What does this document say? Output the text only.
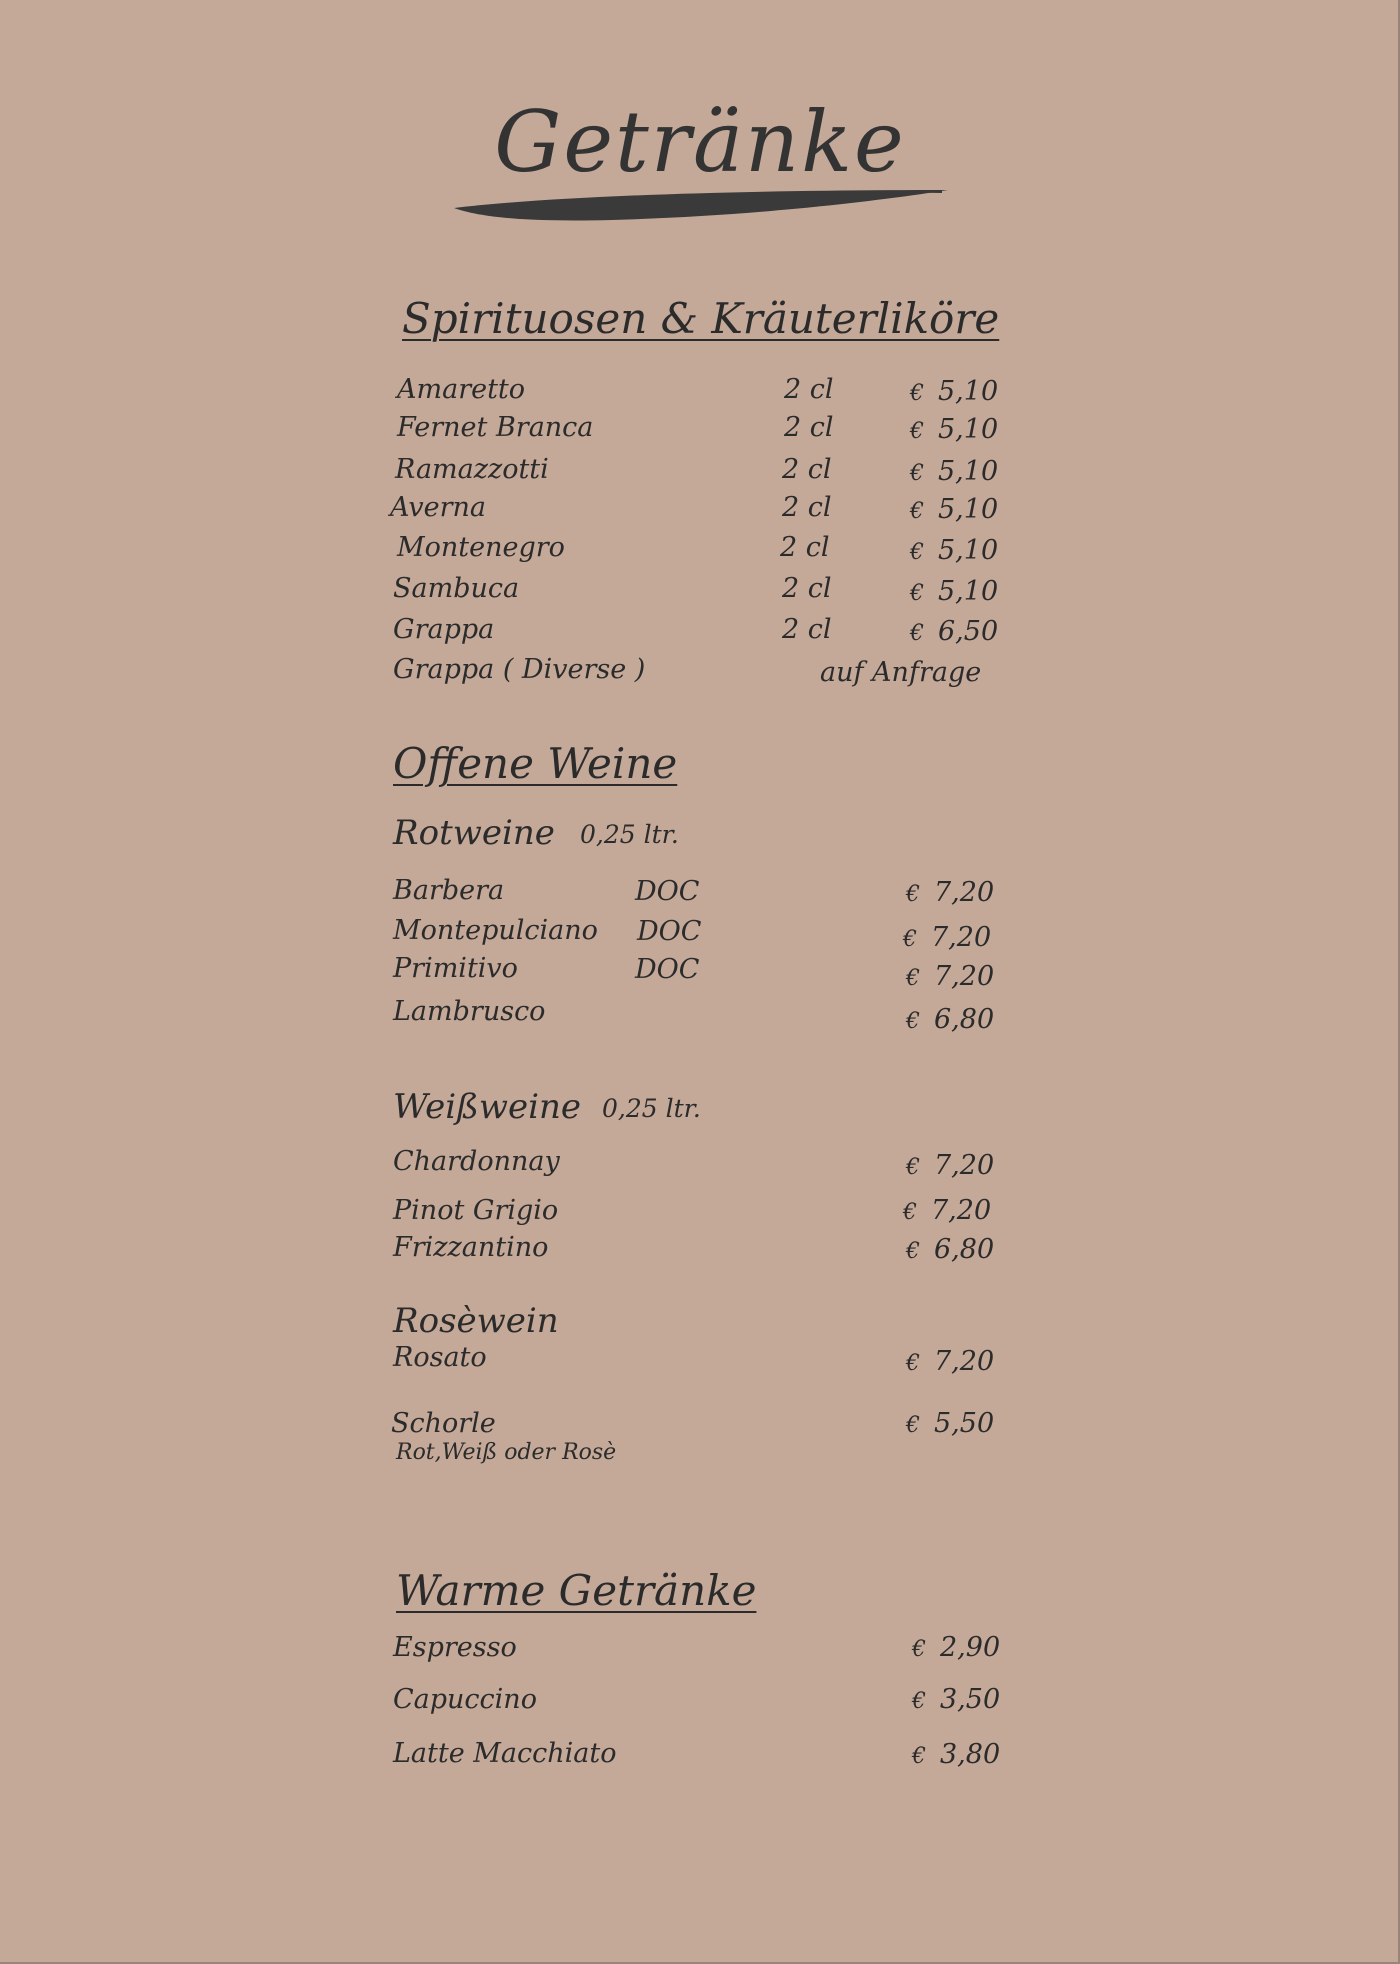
Getränke
Spirituosen & Kräuterliköre
Amaretto	2 cl	€ 5,10
Fernet Branca	2 cl	€ 5,10
Ramazzotti	2 cl	€ 5,10
Averna	2 cl	€ 5,10
Montenegro	2 cl	€ 5,10
Sambuca	2 cl	€ 5,10
Grappa	2 cl	€ 6,50
Grappa ( Diverse )	auf Anfrage
Offene Weine
Rotweine 0,25 ltr.
Barbera	DOC	€ 7,20
Montepulciano DOC	€ 7,20
Primitivo	DOC	€ 7,20
Lambrusco	€ 6,80
Weißweine 0,25 ltr.
Chardonnay	€ 7,20
Pinot Grigio	€ 7,20
Frizzantino	€ 6,80
Rosèwein
Rosato	€ 7,20
Schorle	€ 5,50
Rot,Weiß oder Rosè
Warme Getränke
Espresso	€ 2,90
Capuccino	€ 3,50
Latte Macchiato	€ 3,80
